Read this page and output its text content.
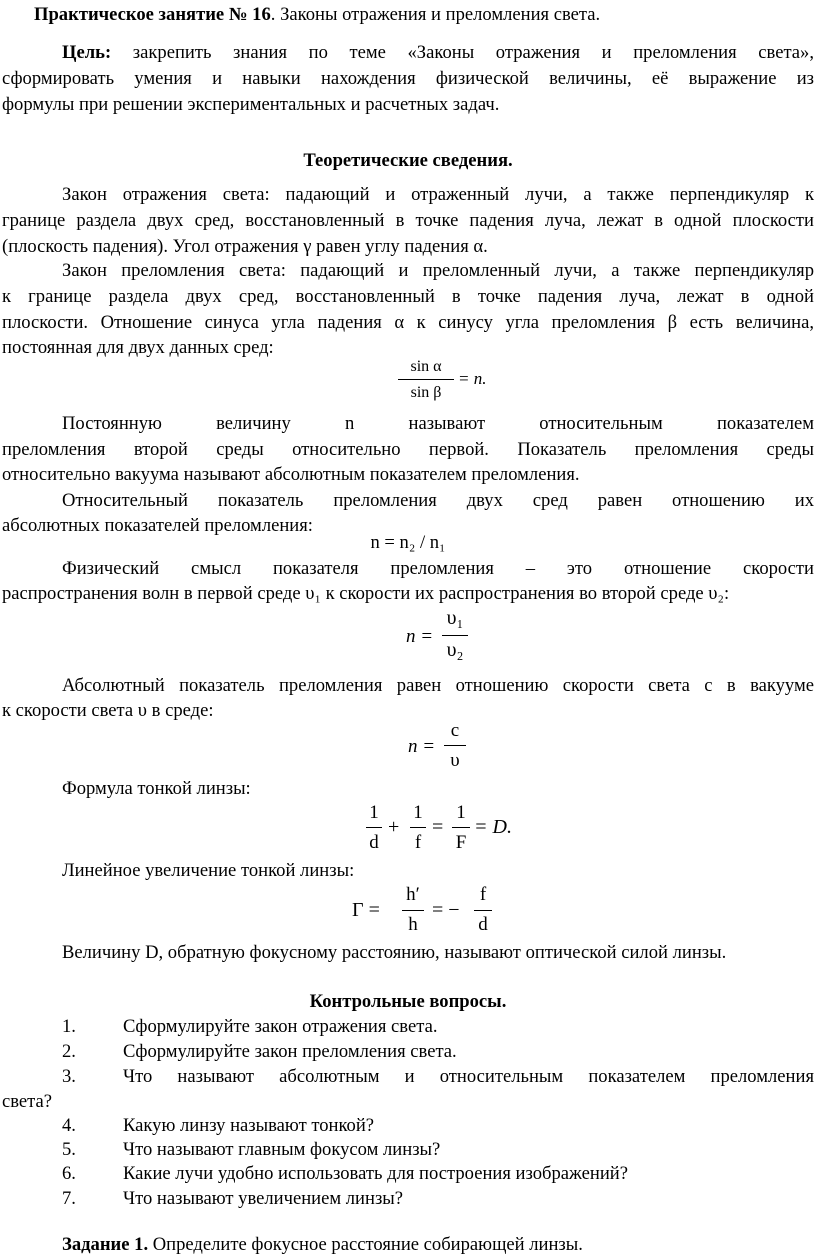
Практическое занятие № 16. Законы отражения и преломления света.
Цель: закрепить знания по теме «Законы отражения и преломления света»,
сформировать умения и навыки нахождения физической величины, её выражение из
формулы при решении экспериментальных и расчетных задач.
Теоретические сведения.
Закон отражения света: падающий и отраженный лучи, а также перпендикуляр к
границе раздела двух сред, восстановленный в точке падения луча, лежат в одной плоскости
(плоскость падения). Угол отражения γ равен углу падения α.
Закон преломления света: падающий и преломленный лучи, а также перпендикуляр
к границе раздела двух сред, восстановленный в точке падения луча, лежат в одной
плоскости. Отношение синуса угла падения α к синусу угла преломления β есть величина,
постоянная для двух данных сред:
sin α
sin β
= n.
Постоянную величину n называют относительным показателем
преломления второй среды относительно первой. Показатель преломления среды
относительно вакуума называют абсолютным показателем преломления.
Относительный показатель преломления двух сред равен отношению их
абсолютных показателей преломления:
n = n₂ / n₁
Физический смысл показателя преломления – это отношение скорости
распространения волн в первой среде υ₁ к скорости их распространения во второй среде υ₂:
n =
υ₁
υ₂
Абсолютный показатель преломления равен отношению скорости света с в вакууме
к скорости света υ в среде:
n =
c
υ
Формула тонкой линзы:
1
d
+
1
f
=
1
F
= D.
Линейное увеличение тонкой линзы:
Γ =
h′
h
= −
f
d
Величину D, обратную фокусному расстоянию, называют оптической силой линзы.
Контрольные вопросы.
1.	Сформулируйте закон отражения света.
2.	Сформулируйте закон преломления света.
3.	Что называют абсолютным и относительным показателем преломления
света?
4.	Какую линзу называют тонкой?
5.	Что называют главным фокусом линзы?
6.	Какие лучи удобно использовать для построения изображений?
7.	Что называют увеличением линзы?
Задание 1. Определите фокусное расстояние собирающей линзы.
